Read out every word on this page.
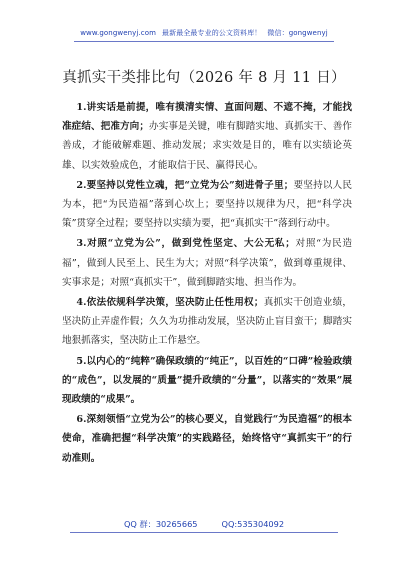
www.gongwenyj.com 最新最全最专业的公文资料库！ 微信：gongwenyj
真抓实干类排比句（2026 年 8 月 11 日）

1.讲实话是前提，唯有摸清实情、直面问题、不遮不掩，才能找准症结、把准方向；办实事是关键，唯有脚踏实地、真抓实干、善作善成，才能破解难题、推动发展；求实效是目的，唯有以实绩论英雄、以实效验成色，才能取信于民、赢得民心。

2.要坚持以党性立魂，把“立党为公”刻进骨子里；要坚持以人民为本，把“为民造福”落到心坎上；要坚持以规律为尺，把“科学决策”贯穿全过程；要坚持以实绩为要，把“真抓实干”落到行动中。

3.对照“立党为公”，做到党性坚定、大公无私；对照“为民造福”，做到人民至上、民生为大；对照“科学决策”，做到尊重规律、实事求是；对照“真抓实干”，做到脚踏实地、担当作为。

4.依法依规科学决策，坚决防止任性用权；真抓实干创造业绩，坚决防止弄虚作假；久久为功推动发展，坚决防止盲目蛮干；脚踏实地狠抓落实，坚决防止工作悬空。

5.以内心的“纯粹”确保政绩的“纯正”，以百姓的“口碑”检验政绩的“成色”，以发展的“质量”提升政绩的“分量”，以落实的“效果”展现政绩的“成果”。

6.深刻领悟“立党为公”的核心要义，自觉践行“为民造福”的根本使命，准确把握“科学决策”的实践路径，始终恪守“真抓实干”的行动准则。

QQ 群：30265665	QQ:535304092
